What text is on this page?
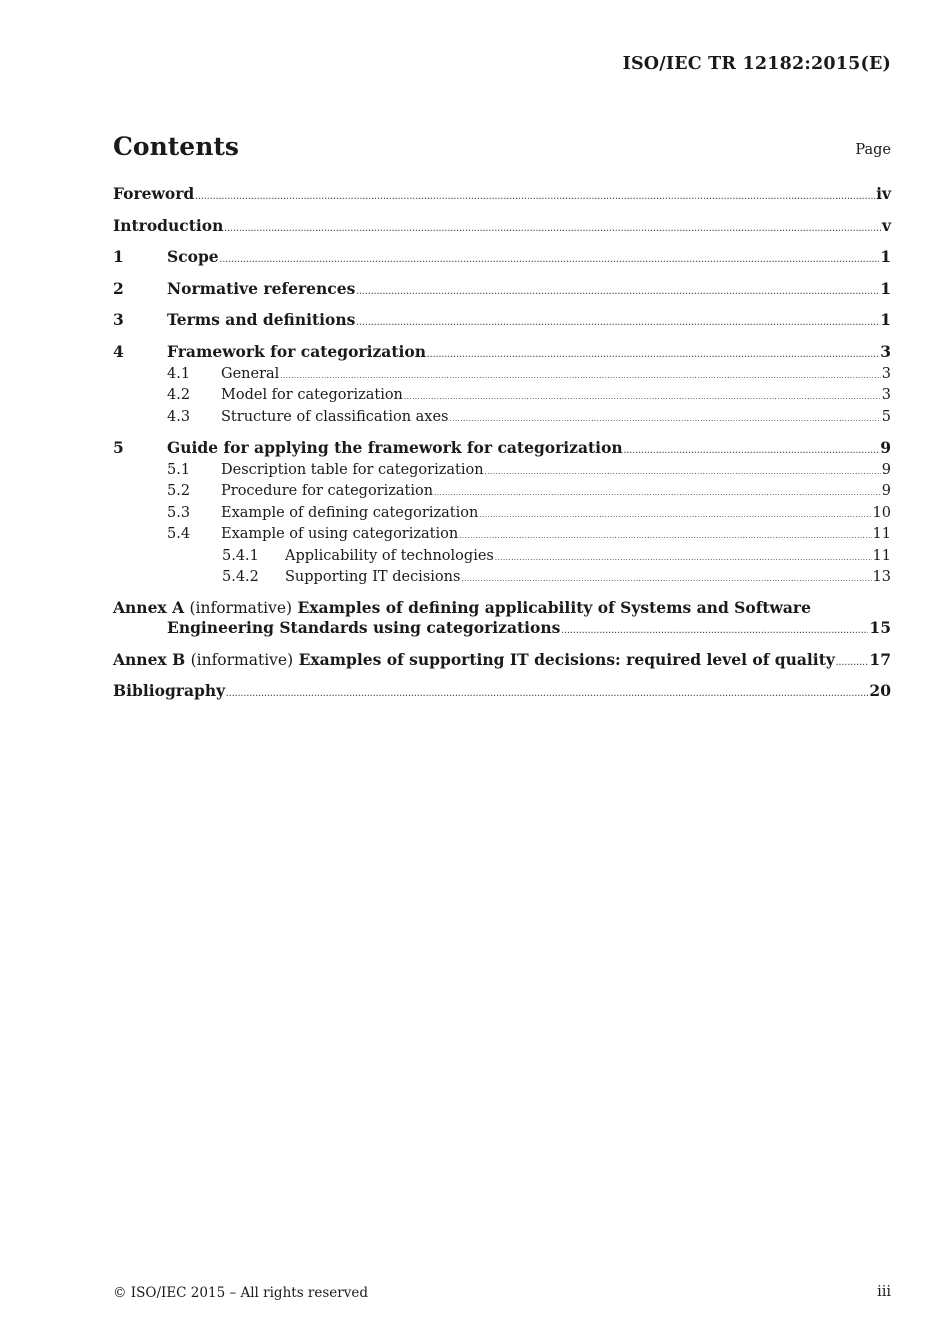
ISO/IEC TR 12182:2015(E)
Contents	Page
Foreword .....	iv
Introduction .....	v
1	Scope .....	1
2	Normative references .....	1
3	Terms and definitions .....	1
4	Framework for categorization .....	3
4.1	General .....	3
4.2	Model for categorization .....	3
4.3	Structure of classification axes .....	5
5	Guide for applying the framework for categorization .....	9
5.1	Description table for categorization .....	9
5.2	Procedure for categorization .....	9
5.3	Example of defining categorization .....	10
5.4	Example of using categorization .....	11
5.4.1	Applicability of technologies .....	11
5.4.2	Supporting IT decisions .....	13
Annex A (informative) Examples of defining applicability of Systems and Software
Engineering Standards using categorizations .....	15
Annex B (informative) Examples of supporting IT decisions: required level of quality ..... 17
Bibliography .....	20
© ISO/IEC 2015 – All rights reserved	iii
